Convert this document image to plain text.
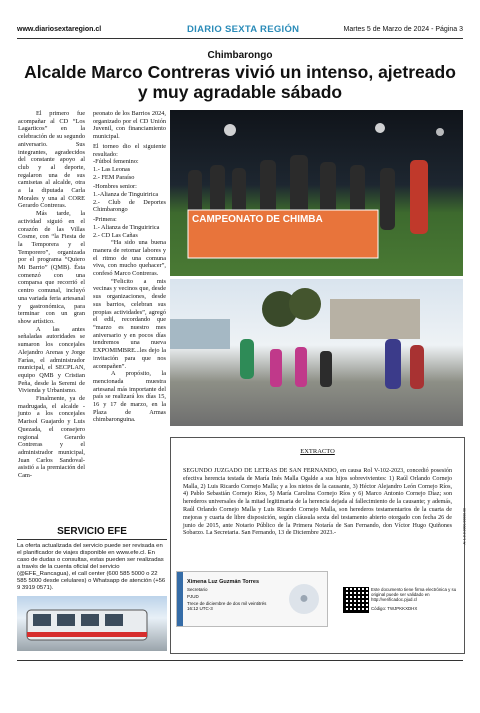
www.diariosextaregion.cl	DIARIO SEXTA REGIÓN	Martes 5 de Marzo de 2024 - Página 3
Chimbarongo
Alcalde Marco Contreras vivió un intenso, ajetreado y muy agradable sábado

El primero fue acompañar al CD “Los Lagarticos” en la celebración de su segundo aniversario. Sus integrantes, agradecidos del constante apoyo al club y al deporte, regalaron una de sus camisetas al alcalde, otra a la diputada Carla Morales y una al CORE Gerardo Contreras.

Más tarde, la actividad siguió en el corazón de las Villas Cosme, con “la Fiesta de la Temporera y el Temporero”, organizada por el programa “Quiero Mi Barrio” (QMB). Ésta comenzó con una comparsa que recorrió el centro comunal, incluyó una variada feria artesanal y gastronómica, para terminar con un gran show artístico.

A las antes señaladas autoridades se sumaron los concejales Alejandro Arenas y Jorge Farías, el administrador municipal, el SECPLAN, equipo QMB y Cristian Peña, desde la Seremi de Vivienda y Urbanismo.

Finalmente, ya de madrugada, el alcalde -junto a los concejales Marisol Guajardo y Luis Quezada, el consejero regional Gerardo Contreras y el administrador municipal, Juan Carlos Sandoval- asistió a la premiación del Cam-

peonato de los Barrios 2024, organizado por el CD Unión Juvenil, con financiamiento municipal.

El torneo dio el siguiente resultado:

-Fútbol femenino:

1.- Las Leonas

2.- FEM Paraíso

-Hombres senior:

1.-Alianza de Tinguiririca

2.- Club de Deportes Chimbarongo

-Primera:

1.- Alianza de Tinguiririca

2.- CD Las Cañas

“Ha sido una buena manera de retomar labores y el ritmo de una comuna viva, con mucho quehacer”, confesó Marco Contreras.

“Felicito a mis vecinas y vecinos que, desde sus organizaciones, desde sus barrios, celebran sus propias actividades”, agregó el edil, recordando que “marzo es nuestro mes aniversario y en pocos días tendremos una nueva EXPOMIMBRE...les dejo la invitación para que nos acompañen”.

A propósito, la mencionada muestra artesanal más importante del país se realizará los días 15, 16 y 17 de marzo, en la Plaza de Armas chimbaronguina.

CAMPEONATO DE CHIMBA
EXTRACTO
SEGUNDO JUZGADO DE LETRAS DE SAN FERNANDO, en causa Rol V-102-2023, concedió posesión efectiva herencia testada de María Inés Malla Ogalde a sus hijos sobrevivientes: 1) Raúl Orlando Cornejo Malla, 2) Luis Ricardo Cornejo Malla; y a los nietos de la causante, 3) Héctor Alejandro León Cornejo Ríos, 4) Pablo Sebastián Cornejo Ríos, 5) María Carolina Cornejo Ríos y 6) Marco Antonio Cornejo Díaz; son herederos universales de la mitad legitimaria de la herencia dejada al fallecimiento de la causante; y además, Raúl Orlando Cornejo Malla y Luis Ricardo Cornejo Malla, son herederos testamentarios de la cuarta de mejoras y cuarta de libre disposición, según cláusula sexta del testamento abierto otorgado con fecha 26 de junio de 2015, ante Notario Público de la Primera Notaría de San Fernando, don Víctor Hugo Quiñones Sobarzo. La Secretaria. San Fernando, 13 de Diciembre 2023.-
Ximena Luz Guzmán Torres
Secretario
PJUD
Trece de diciembre de dos mil veintitrés 16:12 UTC-3
●
Este documento tiene firma electrónica y su original puede ser validado en http://verificadoc.pjud.cl
Código: TWJPKKXDHX
A: 1.0.0.0000.00000.00
SERVICIO EFE
La oferta actualizada del servicio puede ser revisada en el planificador de viajes disponible en www.efe.cl. En caso de dudas o consultas, estas pueden ser realizadas a través de la cuenta oficial del servicio (@EFE_Rancagua), el call center (600 585 5000 o 22 585 5000 desde celulares) o Whatsapp de atención (+56 9 3919 0571).
